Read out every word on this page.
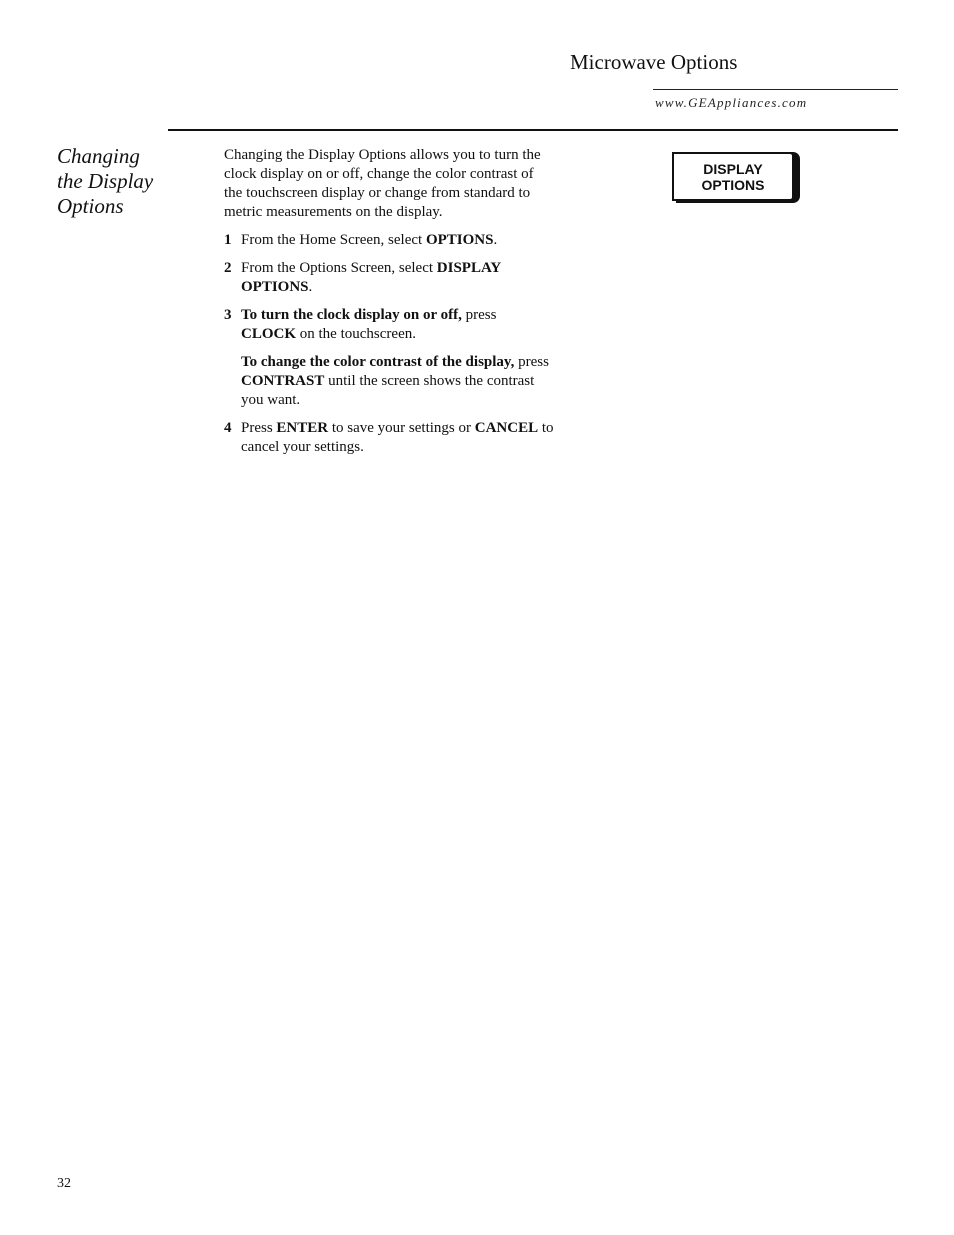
Microwave Options
www.GEAppliances.com
Changing
the Display
Options

Changing the Display Options allows you to turn the clock display on or off, change the color contrast of the touchscreen display or change from standard to metric measurements on the display.

1 From the Home Screen, select OPTIONS.
2 From the Options Screen, select DISPLAY OPTIONS.
3 To turn the clock display on or off, press CLOCK on the touchscreen.
To change the color contrast of the display, press CONTRAST until the screen shows the contrast you want.
4 Press ENTER to save your settings or CANCEL to cancel your settings.
DISPLAY
OPTIONS
32
